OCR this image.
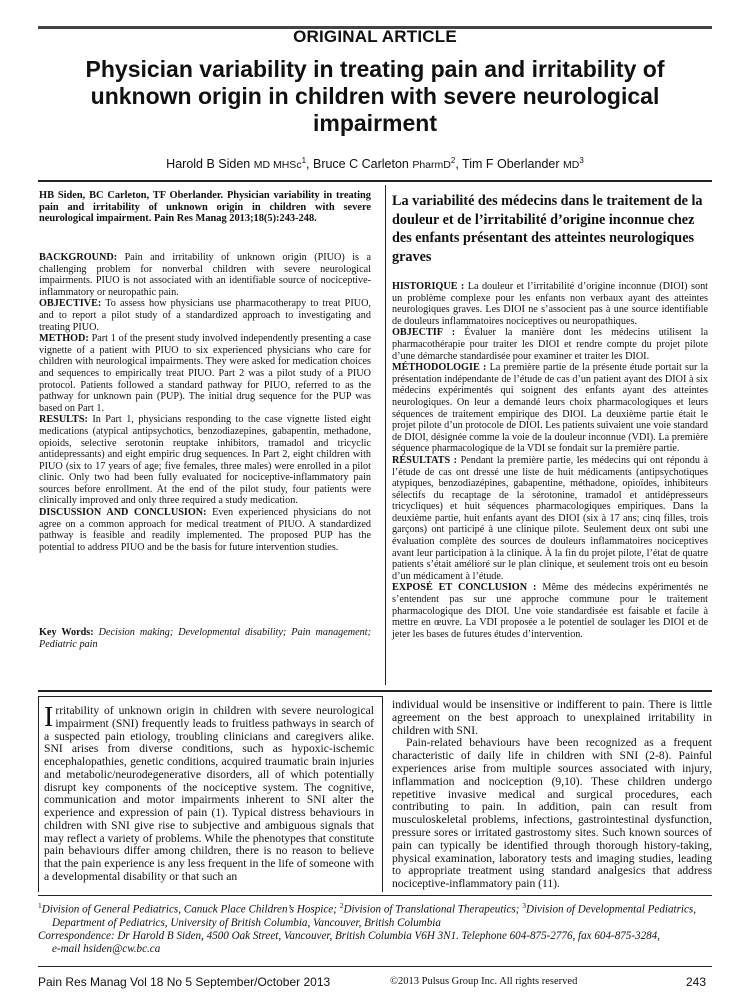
ORIGINAL ARTICLE
Physician variability in treating pain and irritability of unknown origin in children with severe neurological impairment
Harold B Siden MD MHSc$^1$, Bruce C Carleton PharmD$^2$, Tim F Oberlander $MD^3$
HB Siden, BC Carleton, TF Oberlander. Physician variability in treating pain and irritability of unknown origin in children with severe neurological impairment. Pain Res Manag 2013;18(5):243-248.

BACKGROUND: Pain and irritability of unknown origin (PIUO) is a challenging problem for nonverbal children with severe neurological impairments. PIUO is not associated with an identifiable source of nociceptive-inflammatory or neuropathic pain.

OBJECTIVE: To assess how physicians use pharmacotherapy to treat PIUO, and to report a pilot study of a standardized approach to investigating and treating PIUO.

METHOD: Part 1 of the present study involved independently presenting a case vignette of a patient with PIUO to six experienced physicians who care for children with neurological impairments. They were asked for medication choices and sequences to empirically treat PIUO. Part 2 was a pilot study of a PIUO protocol. Patients followed a standard pathway for PIUO, referred to as the pathway for unknown pain (PUP). The initial drug sequence for the PUP was based on Part 1.

RESULTS: In Part 1, physicians responding to the case vignette listed eight medications (atypical antipsychotics, benzodiazepines, gabapentin, methadone, opioids, selective serotonin reuptake inhibitors, tramadol and tricyclic antidepressants) and eight empiric drug sequences. In Part 2, eight children with PIUO (six to 17 years of age; five females, three males) were enrolled in a pilot clinic. Only two had been fully evaluated for nociceptive-inflammatory pain sources before enrollment. At the end of the pilot study, four patients were clinically improved and only three required a study medication.

DISCUSSION AND CONCLUSION: Even experienced physicians do not agree on a common approach for medical treatment of PIUO. A standardized pathway is feasible and readily implemented. The proposed PUP has the potential to address PIUO and be the basis for future intervention studies.

Key Words: Decision making; Developmental disability; Pain management; Pediatric pain
La variabilité des médecins dans le traitement de la douleur et de l’irritabilité d’origine inconnue chez des enfants présentant des atteintes neurologiques graves

HISTORIQUE : La douleur et l’irritabilité d’origine inconnue (DIOI) sont un problème complexe pour les enfants non verbaux ayant des atteintes neurologiques graves. Les DIOI ne s’associent pas à une source identifiable de douleurs inflammatoires nociceptives ou neuropathiques.

OBJECTIF : Évaluer la manière dont les médecins utilisent la pharmacothérapie pour traiter les DIOI et rendre compte du projet pilote d’une démarche standardisée pour examiner et traiter les DIOI.

MÉTHODOLOGIE : La première partie de la présente étude portait sur la présentation indépendante de l’étude de cas d’un patient ayant des DIOI à six médecins expérimentés qui soignent des enfants ayant des atteintes neurologiques. On leur a demandé leurs choix pharmacologiques et leurs séquences de traitement empirique des DIOI. La deuxième partie était le projet pilote d’un protocole de DIOI. Les patients suivaient une voie standard de DIOI, désignée comme la voie de la douleur inconnue (VDI). La première séquence pharmacologique de la VDI se fondait sur la première partie.

RÉSULTATS : Pendant la première partie, les médecins qui ont répondu à l’étude de cas ont dressé une liste de huit médicaments (antipsychotiques atypiques, benzodiazépines, gabapentine, méthadone, opioïdes, inhibiteurs sélectifs du recaptage de la sérotonine, tramadol et antidépresseurs tricycliques) et huit séquences pharmacologiques empiriques. Dans la deuxième partie, huit enfants ayant des DIOI (six à 17 ans; cinq filles, trois garçons) ont participé à une clinique pilote. Seulement deux ont subi une évaluation complète des sources de douleurs inflammatoires nociceptives avant leur participation à la clinique. À la fin du projet pilote, l’état de quatre patients s’était amélioré sur le plan clinique, et seulement trois ont eu besoin d’un médicament à l’étude.

EXPOSÉ ET CONCLUSION : Même des médecins expérimentés ne s’entendent pas sur une approche commune pour le traitement pharmacologique des DIOI. Une voie standardisée est faisable et facile à mettre en œuvre. La VDI proposée a le potentiel de soulager les DIOI et de jeter les bases de futures études d’intervention.

Irritability of unknown origin in children with severe neurological impairment (SNI) frequently leads to fruitless pathways in search of a suspected pain etiology, troubling clinicians and caregivers alike. SNI arises from diverse conditions, such as hypoxic-ischemic encephalopathies, genetic conditions, acquired traumatic brain injuries and metabolic/neurodegenerative disorders, all of which potentially disrupt key components of the nociceptive system. The cognitive, communication and motor impairments inherent to SNI alter the experience and expression of pain (1). Typical distress behaviours in children with SNI give rise to subjective and ambiguous signals that may reflect a variety of problems. While the phenotypes that constitute pain behaviours differ among children, there is no reason to believe that the pain experience is any less frequent in the life of someone with a developmental disability or that such an

individual would be insensitive or indifferent to pain. There is little agreement on the best approach to unexplained irritability in children with SNI.

Pain-related behaviours have been recognized as a frequent characteristic of daily life in children with SNI (2-8). Painful experiences arise from multiple sources associated with injury, inflammation and nociception (9,10). These children undergo repetitive invasive medical and surgical procedures, each contributing to pain. In addition, pain can result from musculoskeletal problems, infections, gastrointestinal dysfunction, pressure sores or irritated gastrostomy sites. Such known sources of pain can typically be identified through thorough history-taking, physical examination, laboratory tests and imaging studies, leading to appropriate treatment using standard analgesics that address nociceptive-inflammatory pain (11).

$^1$Division of General Pediatrics, Canuck Place Children’s Hospice; $^2$Division of Translational Therapeutics; $^3$Division of Developmental Pediatrics,

Department of Pediatrics, University of British Columbia, Vancouver, British Columbia

Correspondence: Dr Harold B Siden, 4500 Oak Street, Vancouver, British Columbia V6H 3N1. Telephone 604-875-2776, fax 604-875-3284,

e-mail hsiden@cw.bc.ca

Pain Res Manag Vol 18 No 5 September/October 2013	©2013 Pulsus Group Inc. All rights reserved	243
